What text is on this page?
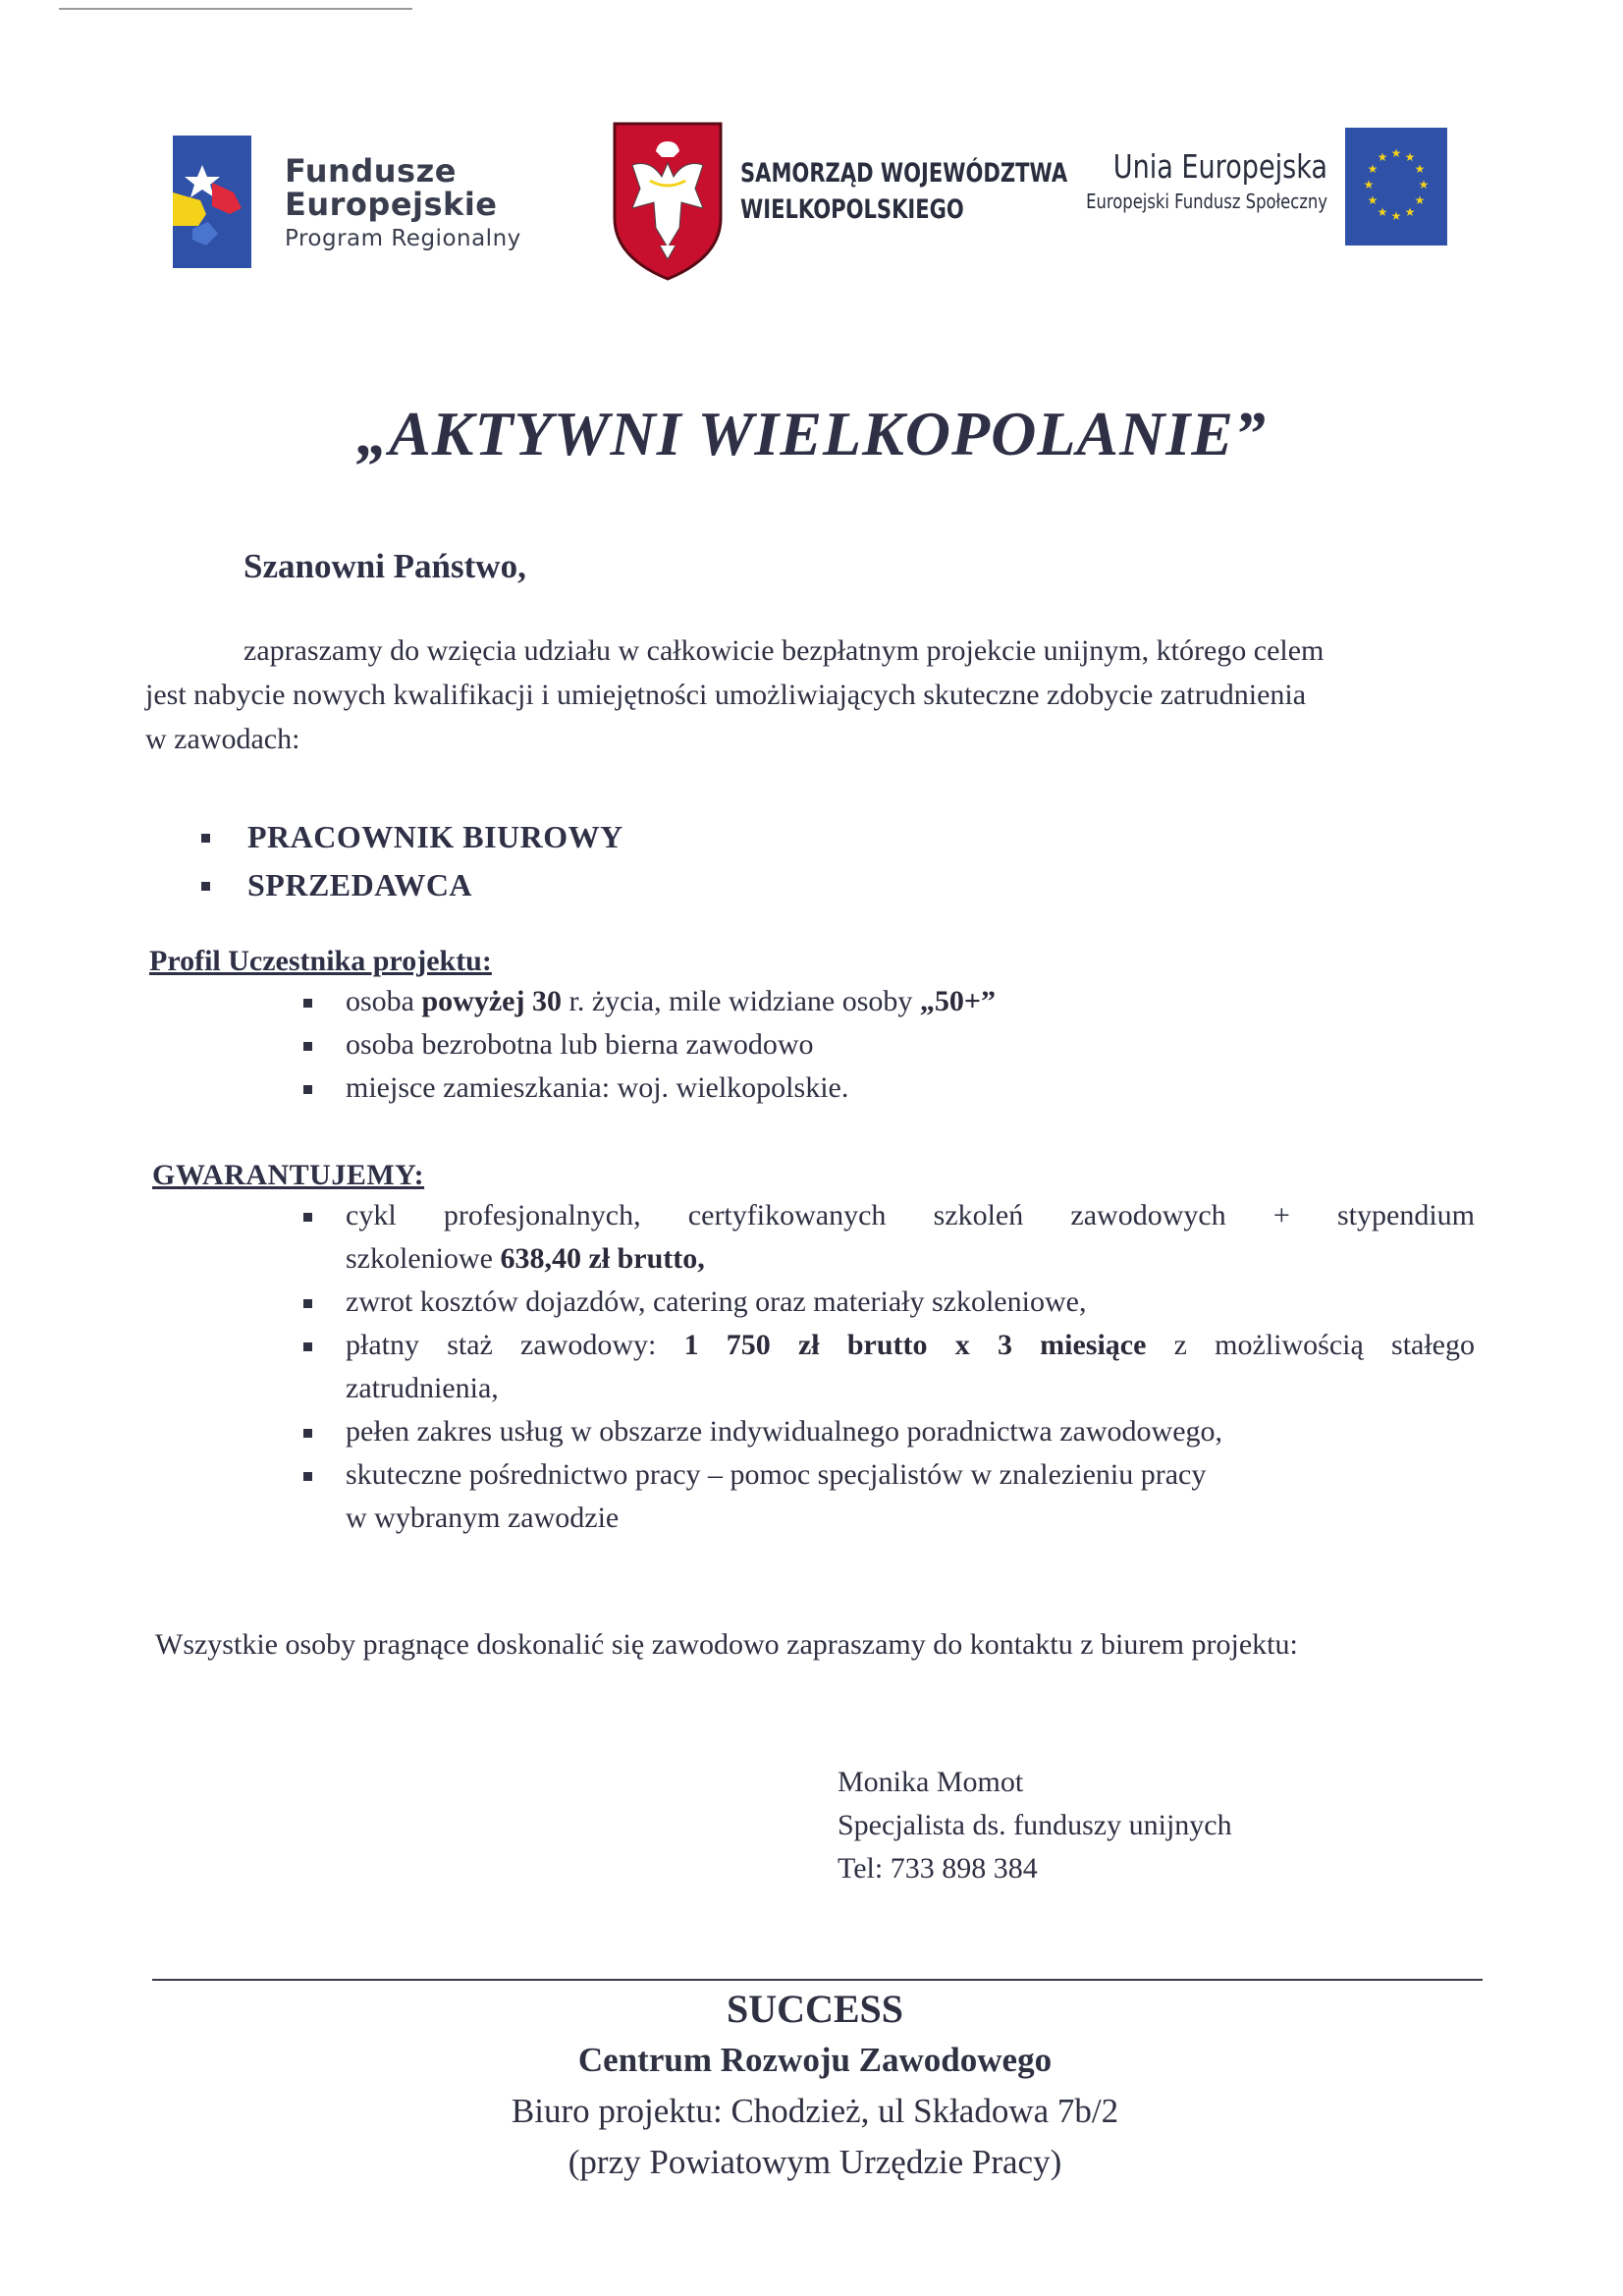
Fundusze
Europejskie
Program Regionalny
SAMORZĄD WOJEWÓDZTWA
WIELKOPOLSKIEGO
Unia Europejska
Europejski Fundusz Społeczny
★ ★
★
★
★
★
★
★
★
★
★
★
„AKTYWNI WIELKOPOLANIE”
Szanowni Państwo,
zapraszamy do wzięcia udziału w całkowicie bezpłatnym projekcie unijnym, którego celem
jest nabycie nowych kwalifikacji i umiejętności umożliwiających skuteczne zdobycie zatrudnienia
w zawodach:
PRACOWNIK BIUROWY
SPRZEDAWCA
Profil Uczestnika projektu:
osoba powyżej 30 r. życia, mile widziane osoby „50+”
osoba bezrobotna lub bierna zawodowo
miejsce zamieszkania: woj. wielkopolskie.
GWARANTUJEMY:
cykl profesjonalnych, certyfikowanych szkoleń zawodowych + stypendium
szkoleniowe 638,40 zł brutto,
zwrot kosztów dojazdów, catering oraz materiały szkoleniowe,
płatny staż zawodowy: 1 750 zł brutto x 3 miesiące z możliwością stałego
zatrudnienia,
pełen zakres usług w obszarze indywidualnego poradnictwa zawodowego,
skuteczne pośrednictwo pracy – pomoc specjalistów w znalezieniu pracy
w wybranym zawodzie
Wszystkie osoby pragnące doskonalić się zawodowo zapraszamy do kontaktu z biurem projektu:
Monika Momot
Specjalista ds. funduszy unijnych
Tel: 733 898 384
SUCCESS
Centrum Rozwoju Zawodowego
Biuro projektu: Chodzież, ul Składowa 7b/2
(przy Powiatowym Urzędzie Pracy)
